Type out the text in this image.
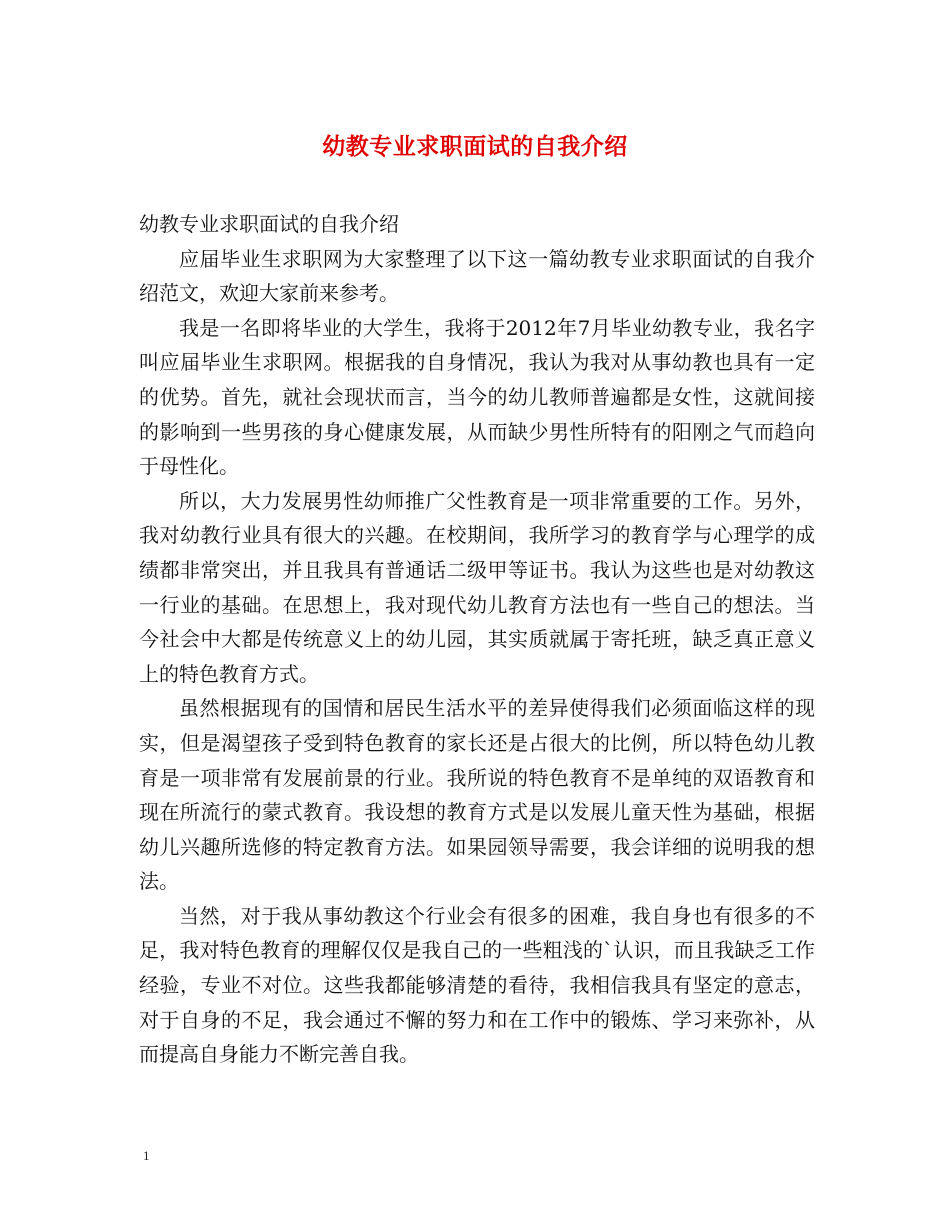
幼教专业求职面试的自我介绍

幼教专业求职面试的自我介绍

应届毕业生求职网为大家整理了以下这一篇幼教专业求职面试的自我介绍范文，欢迎大家前来参考。

我是一名即将毕业的大学生，我将于2012年7月毕业幼教专业，我名字叫应届毕业生求职网。根据我的自身情况，我认为我对从事幼教也具有一定的优势。首先，就社会现状而言，当今的幼儿教师普遍都是女性，这就间接的影响到一些男孩的身心健康发展，从而缺少男性所特有的阳刚之气而趋向于母性化。

所以，大力发展男性幼师推广父性教育是一项非常重要的工作。另外，我对幼教行业具有很大的兴趣。在校期间，我所学习的教育学与心理学的成绩都非常突出，并且我具有普通话二级甲等证书。我认为这些也是对幼教这一行业的基础。在思想上，我对现代幼儿教育方法也有一些自己的想法。当今社会中大都是传统意义上的幼儿园，其实质就属于寄托班，缺乏真正意义上的特色教育方式。

虽然根据现有的国情和居民生活水平的差异使得我们必须面临这样的现实，但是渴望孩子受到特色教育的家长还是占很大的比例，所以特色幼儿教育是一项非常有发展前景的行业。我所说的特色教育不是单纯的双语教育和现在所流行的蒙式教育。我设想的教育方式是以发展儿童天性为基础，根据幼儿兴趣所选修的特定教育方法。如果园领导需要，我会详细的说明我的想法。

当然，对于我从事幼教这个行业会有很多的困难，我自身也有很多的不足，我对特色教育的理解仅仅是我自己的一些粗浅的`认识，而且我缺乏工作经验，专业不对位。这些我都能够清楚的看待，我相信我具有坚定的意志，对于自身的不足，我会通过不懈的努力和在工作中的锻炼、学习来弥补，从而提高自身能力不断完善自我。

1
